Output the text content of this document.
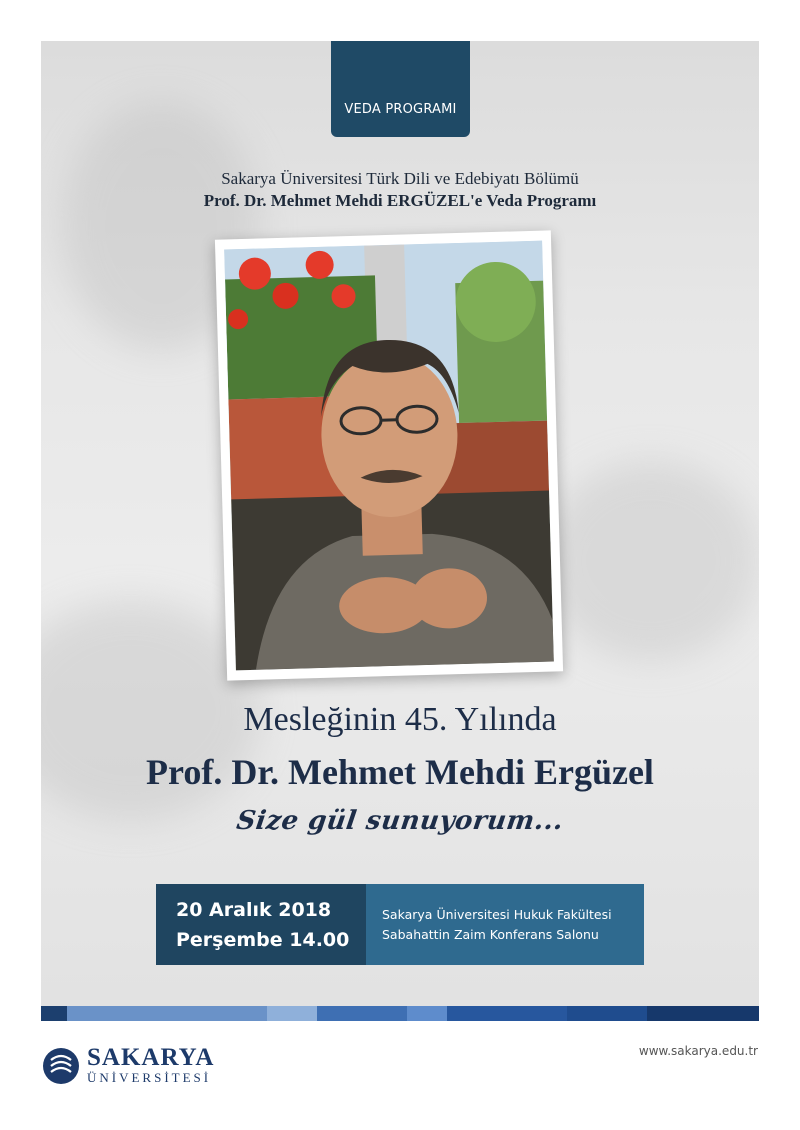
VEDA PROGRAMI
Sakarya Üniversitesi Türk Dili ve Edebiyatı Bölümü
Prof. Dr. Mehmet Mehdi ERGÜZEL'e Veda Programı
Mesleğinin 45. Yılında
Prof. Dr. Mehmet Mehdi Ergüzel
Size gül sunuyorum...
20 Aralık 2018
Perşembe 14.00
Sakarya Üniversitesi Hukuk Fakültesi
Sabahattin Zaim Konferans Salonu
SAKARYA
ÜNİVERSİTESİ
www.sakarya.edu.tr
